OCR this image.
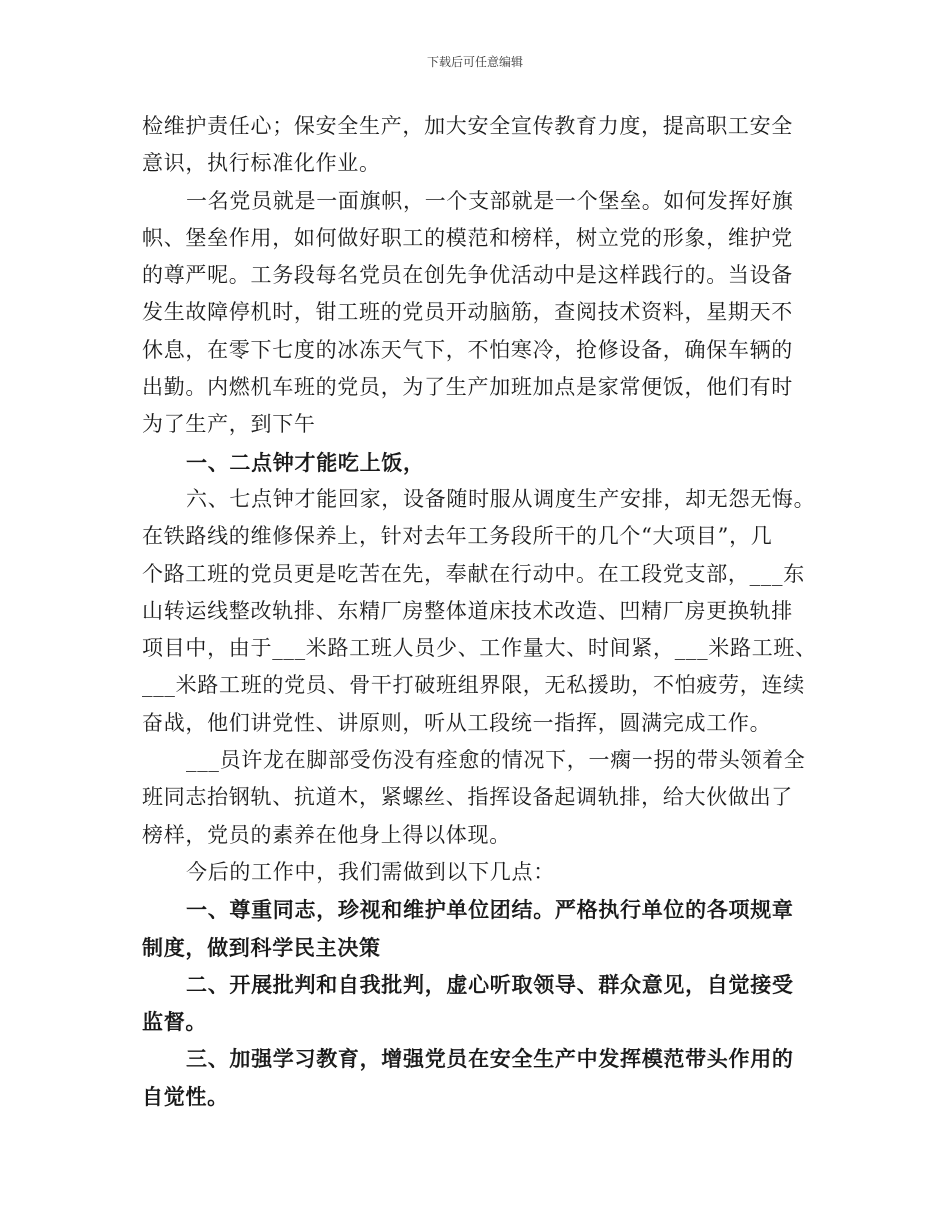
下载后可任意编辑
检维护责任心；保安全生产，加大安全宣传教育力度，提高职工安全
意识，执行标准化作业。
一名党员就是一面旗帜，一个支部就是一个堡垒。如何发挥好旗
帜、堡垒作用，如何做好职工的模范和榜样，树立党的形象，维护党
的尊严呢。工务段每名党员在创先争优活动中是这样践行的。当设备
发生故障停机时，钳工班的党员开动脑筋，查阅技术资料，星期天不
休息，在零下七度的冰冻天气下，不怕寒冷，抢修设备，确保车辆的
出勤。内燃机车班的党员，为了生产加班加点是家常便饭，他们有时
为了生产，到下午
一、二点钟才能吃上饭，
六、七点钟才能回家，设备随时服从调度生产安排，却无怨无悔。
在铁路线的维修保养上，针对去年工务段所干的几个“大项目”，几
个路工班的党员更是吃苦在先，奉献在行动中。在工段党支部，___东
山转运线整改轨排、东精厂房整体道床技术改造、凹精厂房更换轨排
项目中，由于___米路工班人员少、工作量大、时间紧，___米路工班、
___米路工班的党员、骨干打破班组界限，无私援助，不怕疲劳，连续
奋战，他们讲党性、讲原则，听从工段统一指挥，圆满完成工作。
___员许龙在脚部受伤没有痊愈的情况下，一瘸一拐的带头领着全
班同志抬钢轨、抗道木，紧螺丝、指挥设备起调轨排，给大伙做出了
榜样，党员的素养在他身上得以体现。
今后的工作中，我们需做到以下几点：
一、尊重同志，珍视和维护单位团结。严格执行单位的各项规章
制度，做到科学民主决策
二、开展批判和自我批判，虚心听取领导、群众意见，自觉接受
监督。
三、加强学习教育，增强党员在安全生产中发挥模范带头作用的
自觉性。
